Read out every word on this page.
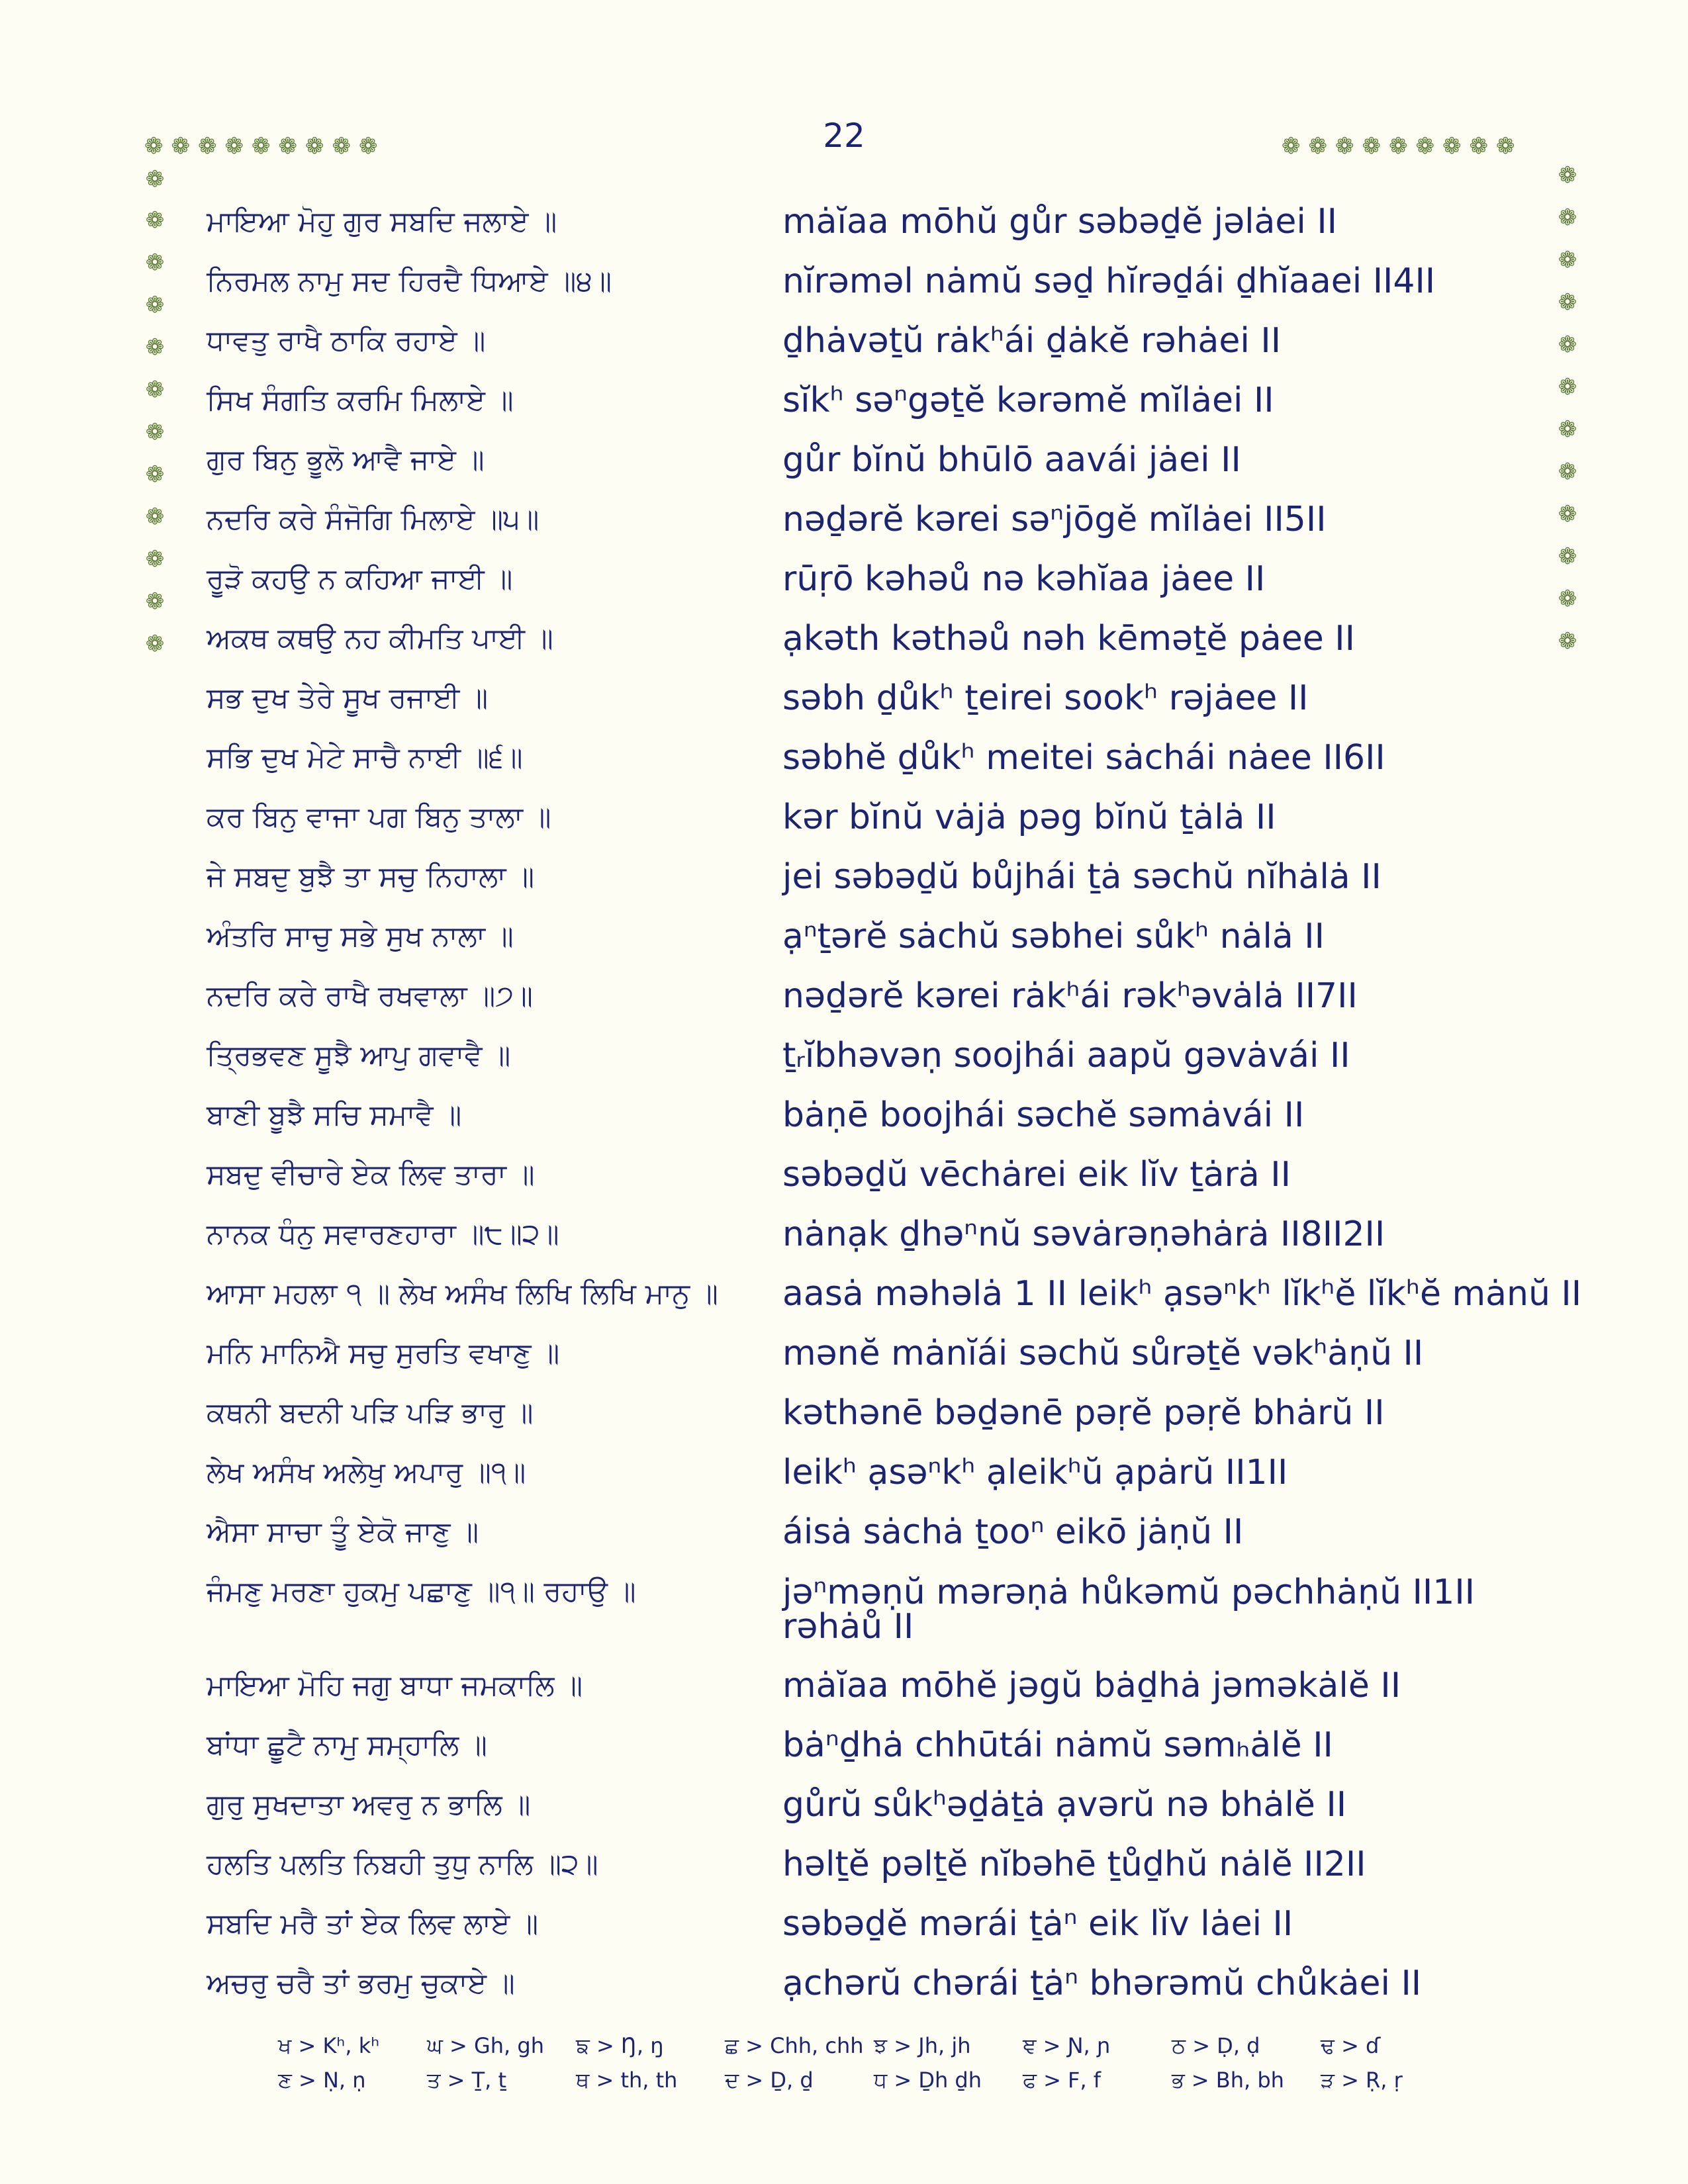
22
❁❁❁❁❁❁❁❁❁	❁❁❁❁❁❁❁❁❁
❁
❁
❁
❁
❁
❁
❁
❁
❁
❁
❁
❁
❁
❁
❁
❁
❁
❁
❁
❁
❁
❁
❁
❁
ਮਾਇਆ ਮੋਹੁ ਗੁਰ ਸਬਦਿ ਜਲਾਏ ॥	mȧĭaa mōhŭ gůr səbəḏĕ jəlȧei II
ਨਿਰਮਲ ਨਾਮੁ ਸਦ ਹਿਰਦੈ ਧਿਆਏ ॥੪॥	nĭrəməl nȧmŭ səḏ hĭrəḏái ḏhĭaaei II4II
ਧਾਵਤੁ ਰਾਖੈ ਠਾਕਿ ਰਹਾਏ ॥	ḏhȧvəṯŭ rȧkʰái ḏȧkĕ rəhȧei II
ਸਿਖ ਸੰਗਤਿ ਕਰਮਿ ਮਿਲਾਏ ॥	sĭkʰ səⁿgəṯĕ kərəmĕ mĭlȧei II
ਗੁਰ ਬਿਨੁ ਭੂਲੋ ਆਵੈ ਜਾਏ ॥	gůr bĭnŭ bhūlō aavái jȧei II
ਨਦਰਿ ਕਰੇ ਸੰਜੋਗਿ ਮਿਲਾਏ ॥੫॥	nəḏərĕ kərei səⁿjōgĕ mĭlȧei II5II
ਰੂੜੋ ਕਹਉ ਨ ਕਹਿਆ ਜਾਈ ॥	rūṛō kəhəů nə kəhĭaa jȧee II
ਅਕਥ ਕਥਉ ਨਹ ਕੀਮਤਿ ਪਾਈ ॥	ạkəth kəthəů nəh kēməṯĕ pȧee II
ਸਭ ਦੁਖ ਤੇਰੇ ਸੂਖ ਰਜਾਈ ॥	səbh ḏůkʰ ṯeirei sookʰ rəjȧee II
ਸਭਿ ਦੁਖ ਮੇਟੇ ਸਾਚੈ ਨਾਈ ॥੬॥	səbhĕ ḏůkʰ meitei sȧchái nȧee II6II
ਕਰ ਬਿਨੁ ਵਾਜਾ ਪਗ ਬਿਨੁ ਤਾਲਾ ॥	kər bĭnŭ vȧjȧ pəg bĭnŭ ṯȧlȧ II
ਜੇ ਸਬਦੁ ਬੁਝੈ ਤਾ ਸਚੁ ਨਿਹਾਲਾ ॥	jei səbəḏŭ bůjhái ṯȧ səchŭ nĭhȧlȧ II
ਅੰਤਰਿ ਸਾਚੁ ਸਭੇ ਸੁਖ ਨਾਲਾ ॥	ạⁿṯərĕ sȧchŭ səbhei sůkʰ nȧlȧ II
ਨਦਰਿ ਕਰੇ ਰਾਖੈ ਰਖਵਾਲਾ ॥੭॥	nəḏərĕ kərei rȧkʰái rəkʰəvȧlȧ II7II
ਤ੍ਰਿਭਵਣ ਸੂਝੈ ਆਪੁ ਗਵਾਵੈ ॥	ṯᵣĭbhəvəṇ soojhái aapŭ gəvȧvái II
ਬਾਣੀ ਬੂਝੈ ਸਚਿ ਸਮਾਵੈ ॥	bȧṇē boojhái səchĕ səmȧvái II
ਸਬਦੁ ਵੀਚਾਰੇ ਏਕ ਲਿਵ ਤਾਰਾ ॥	səbəḏŭ vēchȧrei eik lĭv ṯȧrȧ II
ਨਾਨਕ ਧੰਨੁ ਸਵਾਰਣਹਾਰਾ ॥੮॥੨॥	nȧnạk ḏhəⁿnŭ səvȧrəṇəhȧrȧ II8II2II
ਆਸਾ ਮਹਲਾ ੧ ॥ ਲੇਖ ਅਸੰਖ ਲਿਖਿ ਲਿਖਿ ਮਾਨੁ ॥	aasȧ məhəlȧ 1 II leikʰ ạsəⁿkʰ lĭkʰĕ lĭkʰĕ mȧnŭ II
ਮਨਿ ਮਾਨਿਐ ਸਚੁ ਸੁਰਤਿ ਵਖਾਣੁ ॥	mənĕ mȧnĭái səchŭ sůrəṯĕ vəkʰȧṇŭ II
ਕਥਨੀ ਬਦਨੀ ਪੜਿ ਪੜਿ ਭਾਰੁ ॥	kəthənē bəḏənē pəṛĕ pəṛĕ bhȧrŭ II
ਲੇਖ ਅਸੰਖ ਅਲੇਖੁ ਅਪਾਰੁ ॥੧॥	leikʰ ạsəⁿkʰ ạleikʰŭ ạpȧrŭ II1II
ਐਸਾ ਸਾਚਾ ਤੂੰ ਏਕੋ ਜਾਣੁ ॥	áisȧ sȧchȧ ṯooⁿ eikō jȧṇŭ II
ਜੰਮਣੁ ਮਰਣਾ ਹੁਕਮੁ ਪਛਾਣੁ ॥੧॥ ਰਹਾਉ ॥	jəⁿməṇŭ mərəṇȧ hůkəmŭ pəchhȧṇŭ II1II rəhȧů II
ਮਾਇਆ ਮੋਹਿ ਜਗੁ ਬਾਧਾ ਜਮਕਾਲਿ ॥	mȧĭaa mōhĕ jəgŭ bȧḏhȧ jəməkȧlĕ II
ਬਾਂਧਾ ਛੂਟੈ ਨਾਮੁ ਸਮ੍ਹਾਲਿ ॥	bȧⁿḏhȧ chhūtái nȧmŭ səmₕȧlĕ II
ਗੁਰੁ ਸੁਖਦਾਤਾ ਅਵਰੁ ਨ ਭਾਲਿ ॥	gůrŭ sůkʰəḏȧṯȧ ạvərŭ nə bhȧlĕ II
ਹਲਤਿ ਪਲਤਿ ਨਿਬਹੀ ਤੁਧੁ ਨਾਲਿ ॥੨॥	həlṯĕ pəlṯĕ nĭbəhē ṯůḏhŭ nȧlĕ II2II
ਸਬਦਿ ਮਰੈ ਤਾਂ ਏਕ ਲਿਵ ਲਾਏ ॥	səbəḏĕ mərái ṯȧⁿ eik lĭv lȧei II
ਅਚਰੁ ਚਰੈ ਤਾਂ ਭਰਮੁ ਚੁਕਾਏ ॥	ạchərŭ chərái ṯȧⁿ bhərəmŭ chůkȧei II
ਖ > Kʰ, kʰ	ਘ > Gh, gh	ਙ > Ŋ, ŋ	ਛ > Chh, chh ਝ > Jh, jh	ਞ > Ɲ, ɲ	ਠ > Ḍ, ḍ	ਢ > ɗ
ਣ > Ṇ, ṇ	ਤ > Ṯ, ṯ	ਥ > th, th	ਦ > Ḏ, ḏ	ਧ > Ḏh ḏh	ਫ > F, f	ਭ > Bh, bh	ੜ > Ṛ, ṛ
